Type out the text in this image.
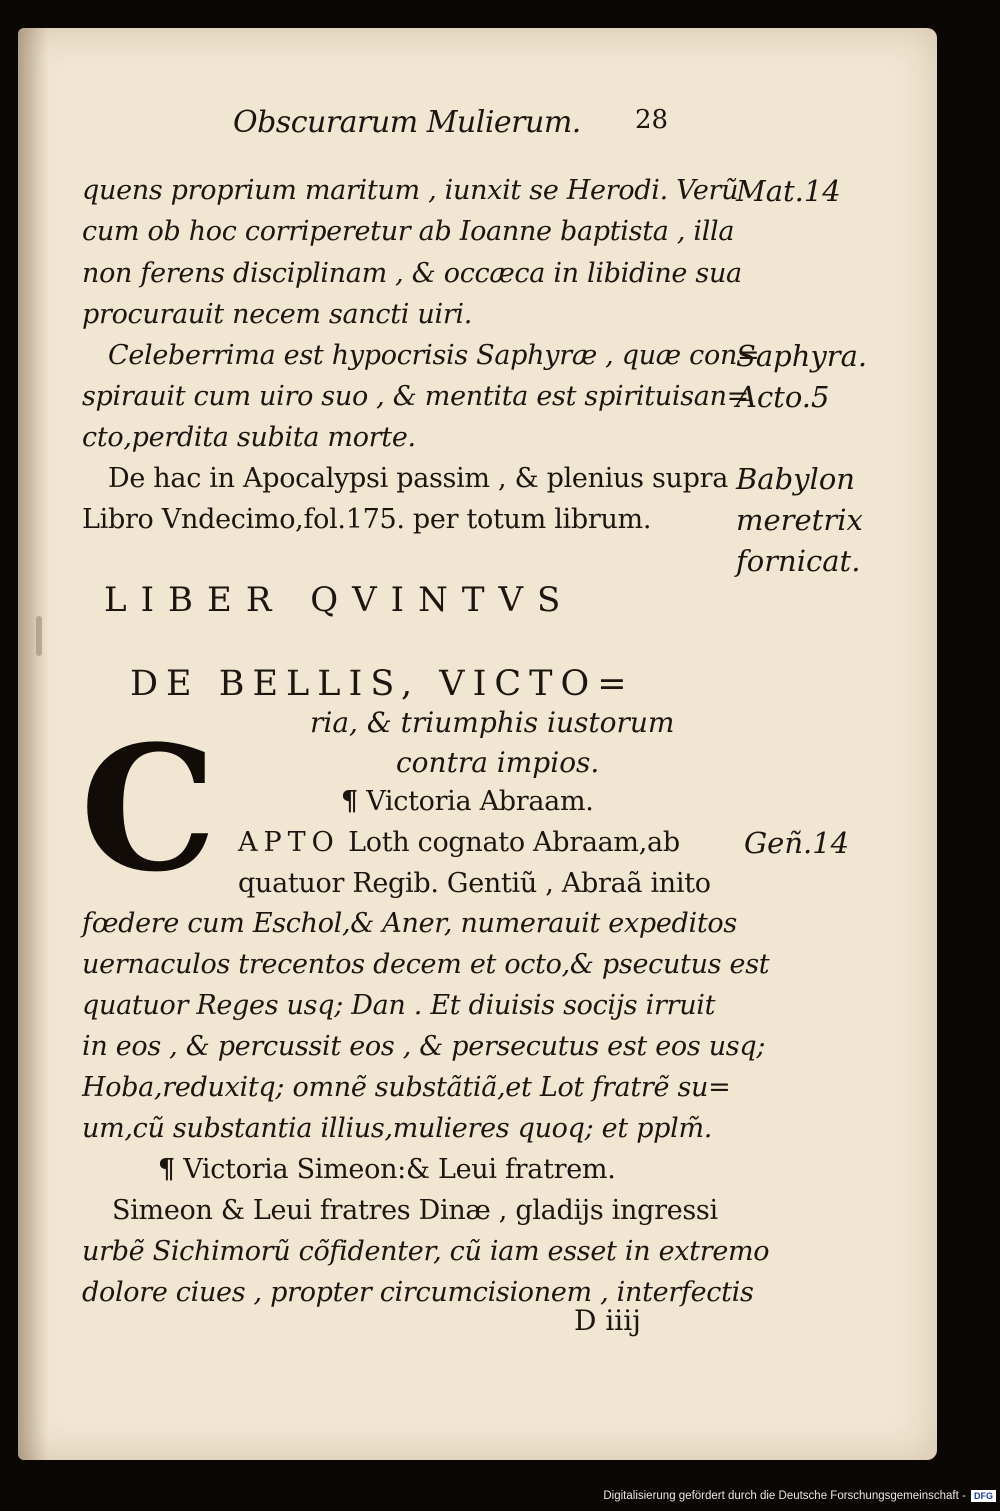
Obscurarum Mulierum. 28
quens proprium maritum , iunxit se Herodi. Verũ
cum ob hoc corriperetur ab Ioanne baptista , illa
non ferens disciplinam , & occæca in libidine sua
procurauit necem sancti uiri.
Celeberrima est hypocrisis Saphyræ , quæ con=
spirauit cum uiro suo , & mentita est spirituisan=
cto,perdita subita morte.
De hac in Apocalypsi passim , & plenius supra
Libro Vndecimo,fol.175. per totum librum.
Mat.14
Saphyra.
Acto.5
Babylon
meretrix
fornicat.
LIBER QVINTVS
DE BELLIS, VICTO=
ria, & triumphis iustorum
contra impios.
C	¶ Victoria Abraam.
APTO Loth cognato Abraam,ab
quatuor Regib. Gentiũ , Abraã inito
fœdere cum Eschol,& Aner, numerauit expeditos
uernaculos trecentos decem et octo,& psecutus est
quatuor Reges usq; Dan . Et diuisis socijs irruit
in eos , & percussit eos , & persecutus est eos usq;
Hoba,reduxitq; omnẽ substãtiã,et Lot fratrẽ su=
um,cũ substantia illius,mulieres quoq; et pplm̃.
Geñ.14
¶ Victoria Simeon:& Leui fratrem.
Simeon & Leui fratres Dinæ , gladijs ingressi
urbẽ Sichimorũ cõfidenter, cũ iam esset in extremo
dolore ciues , propter circumcisionem , interfectis
D iiij
Digitalisierung gefördert durch die Deutsche Forschungsgemeinschaft - DFG
